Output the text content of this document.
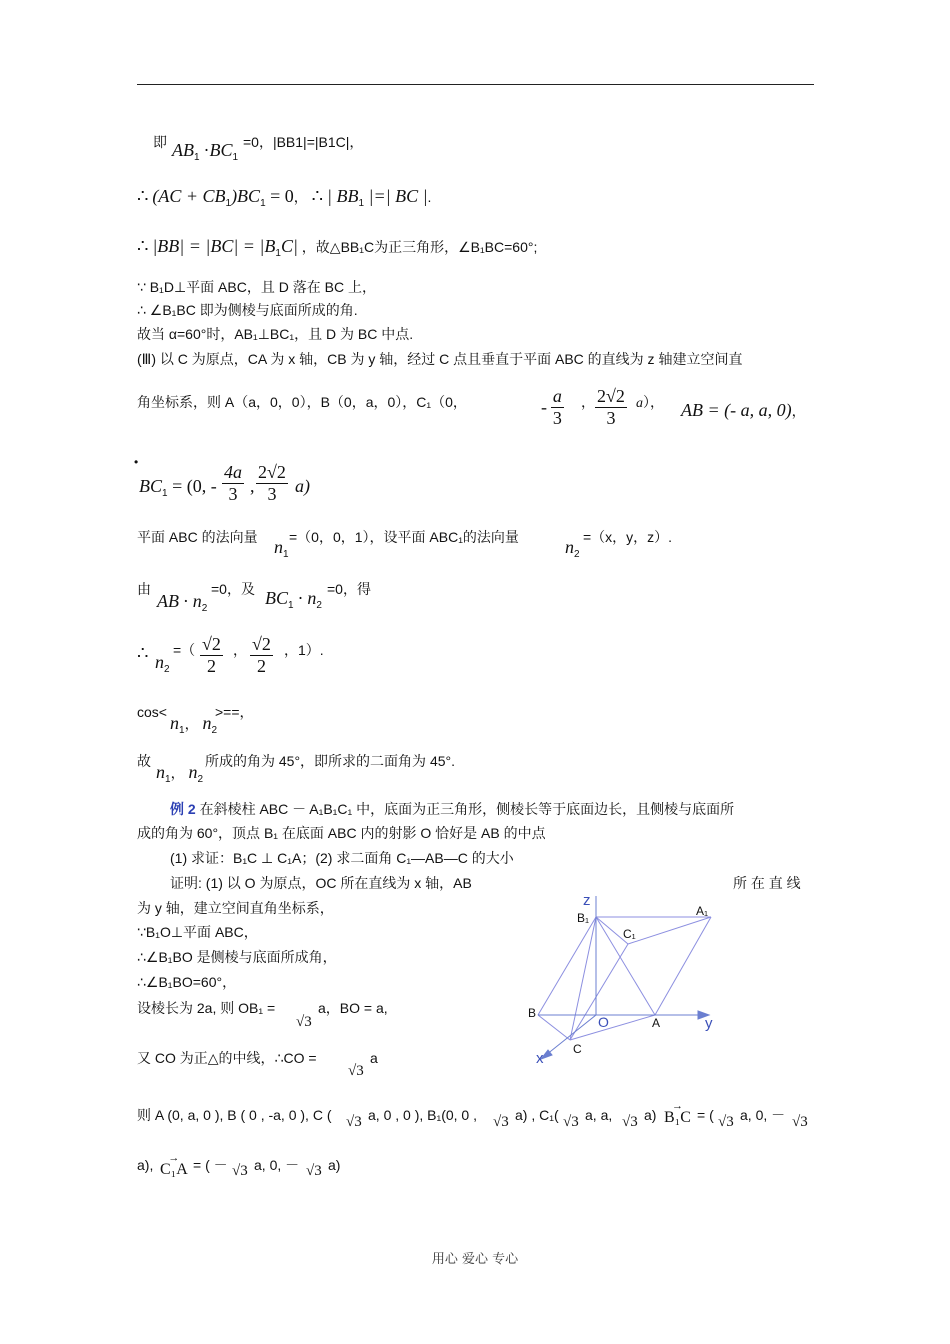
即 $AB_1 \cdot BC_1$
=0，|BB1|=|B1C|，
∴ $(AC + CB_1)BC_1 = 0$， ∴ | $BB_1$ |=| BC |.
∴ $|BB| = |BC| = |B_1C|$ ，故△BB₁C为正三角形，∠B₁BC=60°;
∵ B₁D⊥平面 ABC，且 D 落在 BC 上，
∴ ∠B₁BC 即为侧棱与底面所成的角.
故当 α=60°时，AB₁⊥BC₁，且 D 为 BC 中点.
(Ⅲ) 以 C 为原点，CA 为 x 轴，CB 为 y 轴，经过 C 点且垂直于平面 ABC 的直线为 z 轴建立空间直
角坐标系，则 A（a，0，0），B（0，a，0），C₁（0，	- $\frac{a}{3}$ ， $\frac{2√2}{3} a$）， AB = (- a, a, 0)，
•
$BC_1 = (0$, - $\frac{4a}{3}$ , $\frac{2√2}{3} a$)
平面 ABC 的法向量 $n_1$
=（0，0，1），设平面 ABC₁的法向量	$n_2$
=（x，y，z）.
由
AB · $n_2$
=0，及 $BC_1 \cdot n_2$
=0，得
∴ $n_2$
=（ $\frac{√2}{2}$ ， $\frac{√2}{2}$ ，1）.
cos<
$n_1$， $n_2$
>==，
故
$n_1$， $n_2$
所成的角为 45°，即所求的二面角为 45°.
例 2 在斜棱柱 ABC － A₁B₁C₁ 中，底面为正三角形，侧棱长等于底面边长，且侧棱与底面所
成的角为 60°，顶点 B₁ 在底面 ABC 内的射影 O 恰好是 AB 的中点
(1) 求证：B₁C ⊥ C₁A；(2) 求二面角 C₁—AB—C 的大小
证明: (1) 以 O 为原点，OC 所在直线为 x 轴，AB	所 在 直 线
为 y 轴，建立空间直角坐标系，
∵B₁O⊥平面 ABC，
∴∠B₁BO 是侧棱与底面所成角，
∴∠B₁BO=60°，
设棱长为 2a, 则 OB₁ =
√3
a，BO = a,
又 CO 为正△的中线，∴CO =
√3
a
则 A (0, a, 0 ), B ( 0 , -a, 0 ), C ( √3 a, 0 , 0 ), B₁(0, 0 , √3 a) , C₁( √3 a, a, √3 a)
→
B₁C = ( √3 a, 0, － √3
a),	→
C₁A = ( － √3 a, 0, － √3 a)
z
B₁	A₁
C₁
B
O	A	y
C
x
用心 爱心 专心
